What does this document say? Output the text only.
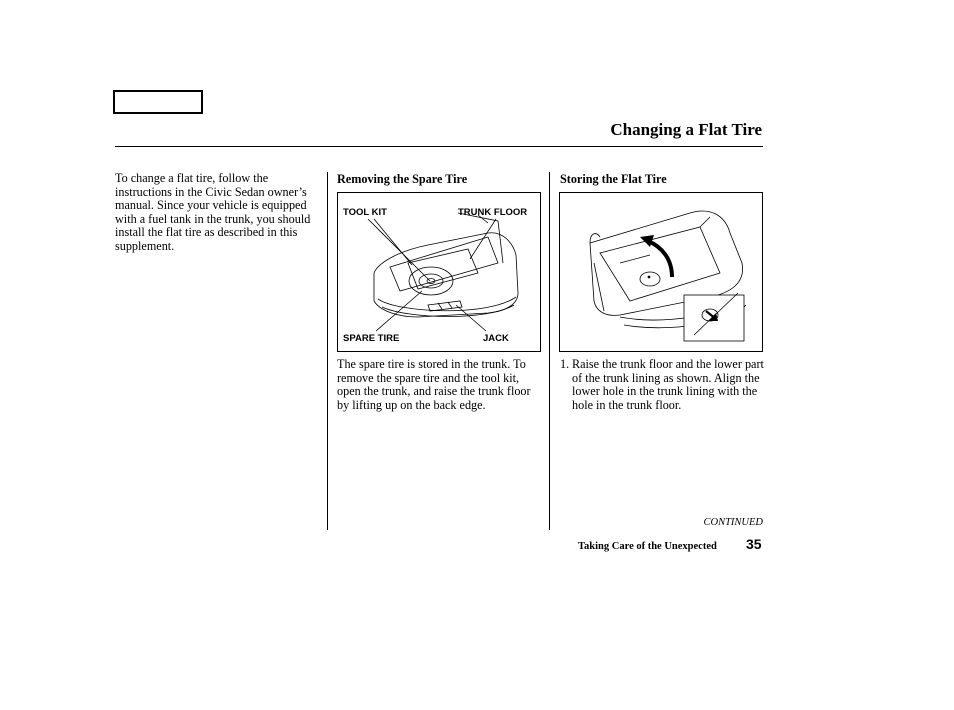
Changing a Flat Tire
To change a flat tire, follow the instructions in the Civic Sedan owner’s manual. Since your vehicle is equipped with a fuel tank in the trunk, you should install the flat tire as described in this supplement.
Removing the Spare Tire
TOOL KIT	TRUNK FLOOR
SPARE TIRE	JACK
The spare tire is stored in the trunk. To remove the spare tire and the tool kit, open the trunk, and raise the trunk floor by lifting up on the back edge.
Storing the Flat Tire
1. Raise the trunk floor and the lower part of the trunk lining as shown. Align the lower hole in the trunk lining with the hole in the trunk floor.
CONTINUED
Taking Care of the Unexpected 35
